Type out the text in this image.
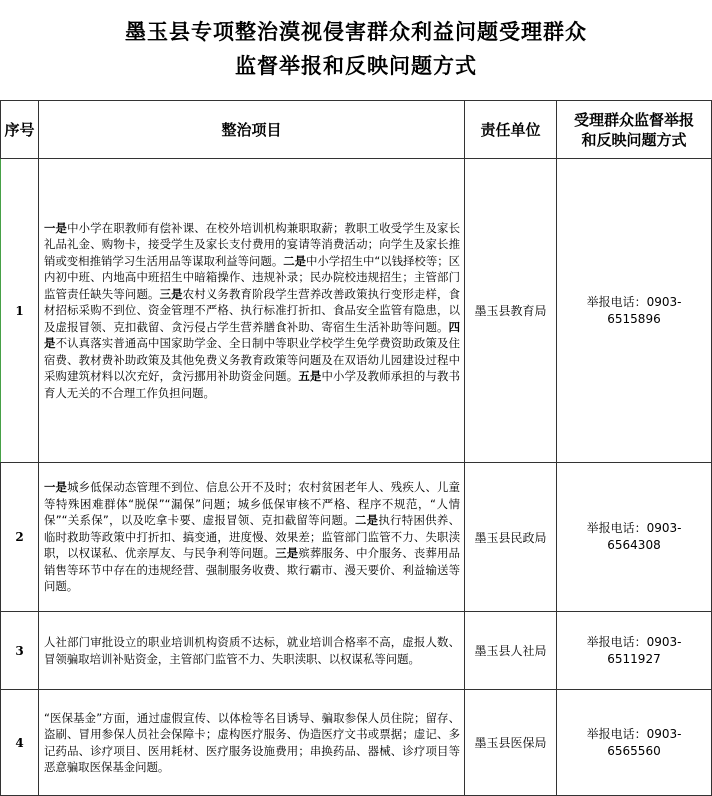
墨玉县专项整治漠视侵害群众利益问题受理群众
监督举报和反映问题方式
序号	整治项目	责任单位	受理群众监督举报
和反映问题方式

1	一是中小学在职教师有偿补课、在校外培训机构兼职取薪；教职工收受学生及家长礼品礼金、购物卡，接受学生及家长支付费用的宴请等消费活动；向学生及家长推销或变相推销学习生活用品等谋取利益等问题。二是中小学招生中“以钱择校等；区内初中班、内地高中班招生中暗箱操作、违规补录；民办院校违规招生；主管部门监管责任缺失等问题。三是农村义务教育阶段学生营养改善政策执行变形走样，食材招标采购不到位、资金管理不严格、执行标准打折扣、食品安全监管有隐患，以及虚报冒领、克扣截留、贪污侵占学生营养膳食补助、寄宿生生活补助等问题。四是不认真落实普通高中国家助学金、全日制中等职业学校学生免学费资助政策及住宿费、教材费补助政策及其他免费义务教育政策等问题及在双语幼儿园建设过程中采购建筑材料以次充好，贪污挪用补助资金问题。五是中小学及教师承担的与教书育人无关的不合理工作负担问题。	墨玉县教育局	举报电话：0903-
6515896

2	一是城乡低保动态管理不到位、信息公开不及时；农村贫困老年人、残疾人、儿童等特殊困难群体“脱保”“漏保”问题；城乡低保审核不严格、程序不规范，“人情保”“关系保”，以及吃拿卡要、虚报冒领、克扣截留等问题。二是执行特困供养、临时救助等政策中打折扣、搞变通，进度慢、效果差；监管部门监管不力、失职渎职，以权谋私、优亲厚友、与民争利等问题。三是殡葬服务、中介服务、丧葬用品销售等环节中存在的违规经营、强制服务收费、欺行霸市、漫天要价、利益输送等问题。	墨玉县民政局	举报电话：0903-
6564308

3	人社部门审批设立的职业培训机构资质不达标，就业培训合格率不高，虚报人数、冒领骗取培训补贴资金，主管部门监管不力、失职渎职、以权谋私等问题。	墨玉县人社局	举报电话：0903-
6511927

4	“医保基金”方面，通过虚假宣传、以体检等名目诱导、骗取参保人员住院；留存、盗刷、冒用参保人员社会保障卡；虚构医疗服务、伪造医疗文书或票据；虚记、多记药品、诊疗项目、医用耗材、医疗服务设施费用；串换药品、器械、诊疗项目等恶意骗取医保基金问题。	墨玉县医保局	举报电话：0903-
6565560
